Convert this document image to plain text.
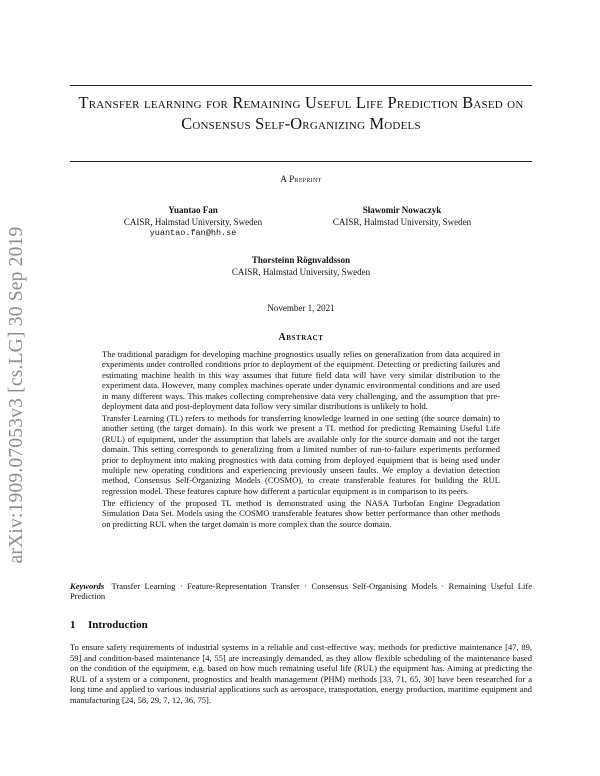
arXiv:1909.07053v3 [cs.LG] 30 Sep 2019
Transfer learning for Remaining Useful Life Prediction Based on Consensus Self-Organizing Models
A Preprint
Yuantao Fan
CAISR, Halmstad University, Sweden
yuantao.fan@hh.se
Sławomir Nowaczyk
CAISR, Halmstad University, Sweden
Thorsteinn Rögnvaldsson
CAISR, Halmstad University, Sweden
November 1, 2021
Abstract

The traditional paradigm for developing machine prognostics usually relies on generalization from data acquired in experiments under controlled conditions prior to deployment of the equipment. Detecting or predicting failures and estimating machine health in this way assumes that future field data will have very similar distribution to the experiment data. However, many complex machines operate under dynamic environmental conditions and are used in many different ways. This makes collecting comprehensive data very challenging, and the assumption that pre-deployment data and post-deployment data follow very similar distributions is unlikely to hold.

Transfer Learning (TL) refers to methods for transferring knowledge learned in one setting (the source domain) to another setting (the target domain). In this work we present a TL method for predicting Remaining Useful Life (RUL) of equipment, under the assumption that labels are available only for the source domain and not the target domain. This setting corresponds to generalizing from a limited number of run-to-failure experiments performed prior to deployment into making prognostics with data coming from deployed equipment that is being used under multiple new operating conditions and experiencing previously unseen faults. We employ a deviation detection method, Consensus Self-Organizing Models (COSMO), to create transferable features for building the RUL regression model. These features capture how different a particular equipment is in comparison to its peers.

The efficiency of the proposed TL method is demonstrated using the NASA Turbofan Engine Degradation Simulation Data Set. Models using the COSMO transferable features show better performance than other methods on predicting RUL when the target domain is more complex than the source domain.

Keywords Transfer Learning · Feature-Representation Transfer · Consensus Self-Organising Models · Remaining Useful Life Prediction
1 Introduction

To ensure safety requirements of industrial systems in a reliable and cost-effective way, methods for predictive maintenance [47, 89, 59] and condition-based maintenance [4, 55] are increasingly demanded, as they allow flexible scheduling of the maintenance based on the condition of the equipment, e.g. based on how much remaining useful life (RUL) the equipment has. Aiming at predicting the RUL of a system or a component, prognostics and health management (PHM) methods [33, 71, 65, 30] have been researched for a long time and applied to various industrial applications such as aerospace, transportation, energy production, maritime equipment and manufacturing [24, 58, 29, 7, 12, 36, 75].
